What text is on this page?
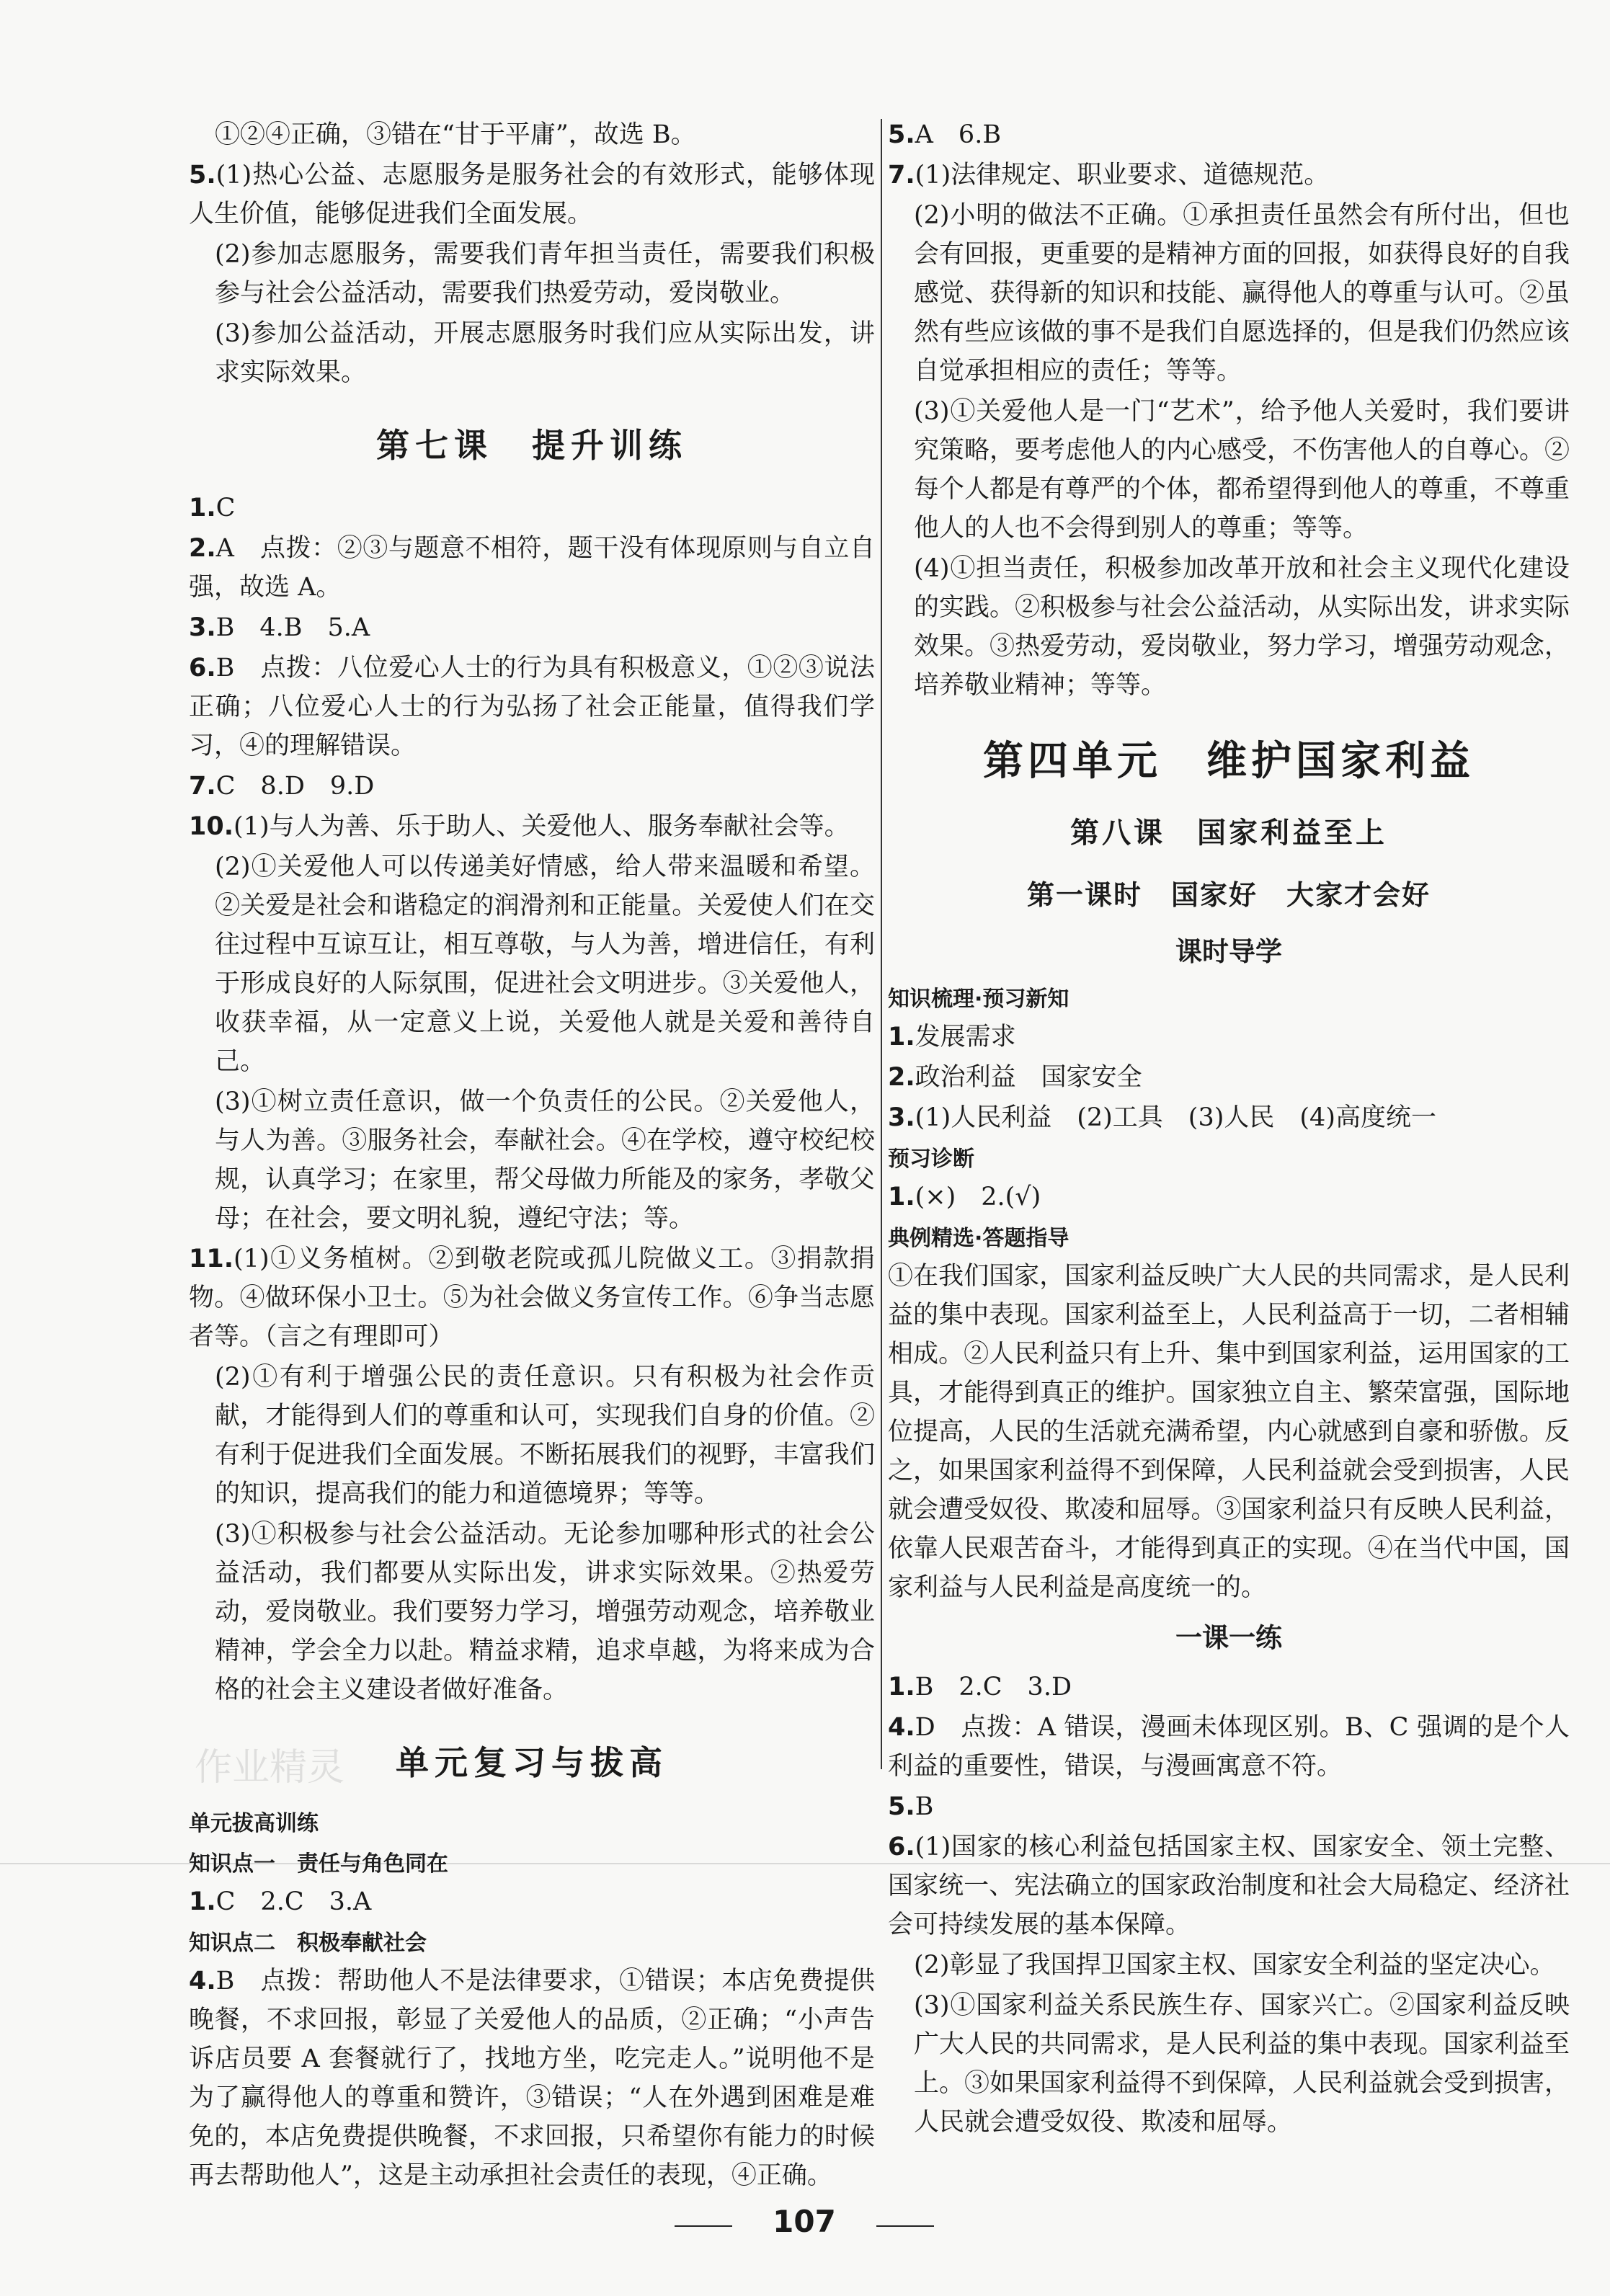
①②④正确，③错在“甘于平庸”，故选 B。
5.(1)热心公益、志愿服务是服务社会的有效形式，能够体现人生价值，能够促进我们全面发展。
(2)参加志愿服务，需要我们青年担当责任，需要我们积极参与社会公益活动，需要我们热爱劳动，爱岗敬业。
(3)参加公益活动，开展志愿服务时我们应从实际出发，讲求实际效果。
第七课　提升训练
1.C
2.A　点拨：②③与题意不相符，题干没有体现原则与自立自强，故选 A。
3.B　4.B　5.A
6.B　点拨：八位爱心人士的行为具有积极意义，①②③说法正确；八位爱心人士的行为弘扬了社会正能量，值得我们学习，④的理解错误。
7.C　8.D　9.D
10.(1)与人为善、乐于助人、关爱他人、服务奉献社会等。
(2)①关爱他人可以传递美好情感，给人带来温暖和希望。②关爱是社会和谐稳定的润滑剂和正能量。关爱使人们在交往过程中互谅互让，相互尊敬，与人为善，增进信任，有利于形成良好的人际氛围，促进社会文明进步。③关爱他人，收获幸福，从一定意义上说，关爱他人就是关爱和善待自己。
(3)①树立责任意识，做一个负责任的公民。②关爱他人，与人为善。③服务社会，奉献社会。④在学校，遵守校纪校规，认真学习；在家里，帮父母做力所能及的家务，孝敬父母；在社会，要文明礼貌，遵纪守法；等。
11.(1)①义务植树。②到敬老院或孤儿院做义工。③捐款捐物。④做环保小卫士。⑤为社会做义务宣传工作。⑥争当志愿者等。（言之有理即可）
(2)①有利于增强公民的责任意识。只有积极为社会作贡献，才能得到人们的尊重和认可，实现我们自身的价值。②有利于促进我们全面发展。不断拓展我们的视野，丰富我们的知识，提高我们的能力和道德境界；等等。
(3)①积极参与社会公益活动。无论参加哪种形式的社会公益活动，我们都要从实际出发，讲求实际效果。②热爱劳动，爱岗敬业。我们要努力学习，增强劳动观念，培养敬业精神，学会全力以赴。精益求精，追求卓越，为将来成为合格的社会主义建设者做好准备。
单元复习与拔高
单元拔高训练
知识点一　责任与角色同在
1.C　2.C　3.A
知识点二　积极奉献社会
4.B　点拨：帮助他人不是法律要求，①错误；本店免费提供晚餐，不求回报，彰显了关爱他人的品质，②正确；“小声告诉店员要 A 套餐就行了，找地方坐，吃完走人。”说明他不是为了赢得他人的尊重和赞许，③错误；“人在外遇到困难是难免的，本店免费提供晚餐，不求回报，只希望你有能力的时候再去帮助他人”，这是主动承担社会责任的表现，④正确。
5.A　6.B
7.(1)法律规定、职业要求、道德规范。
(2)小明的做法不正确。①承担责任虽然会有所付出，但也会有回报，更重要的是精神方面的回报，如获得良好的自我感觉、获得新的知识和技能、赢得他人的尊重与认可。②虽然有些应该做的事不是我们自愿选择的，但是我们仍然应该自觉承担相应的责任；等等。
(3)①关爱他人是一门“艺术”，给予他人关爱时，我们要讲究策略，要考虑他人的内心感受，不伤害他人的自尊心。②每个人都是有尊严的个体，都希望得到他人的尊重，不尊重他人的人也不会得到别人的尊重；等等。
(4)①担当责任，积极参加改革开放和社会主义现代化建设的实践。②积极参与社会公益活动，从实际出发，讲求实际效果。③热爱劳动，爱岗敬业，努力学习，增强劳动观念，培养敬业精神；等等。
第四单元　维护国家利益
第八课　国家利益至上
第一课时　国家好　大家才会好
课时导学
知识梳理·预习新知
1.发展需求
2.政治利益　国家安全
3.(1)人民利益　(2)工具　(3)人民　(4)高度统一
预习诊断
1.(×)　2.(√)
典例精选·答题指导
①在我们国家，国家利益反映广大人民的共同需求，是人民利益的集中表现。国家利益至上，人民利益高于一切，二者相辅相成。②人民利益只有上升、集中到国家利益，运用国家的工具，才能得到真正的维护。国家独立自主、繁荣富强，国际地位提高，人民的生活就充满希望，内心就感到自豪和骄傲。反之，如果国家利益得不到保障，人民利益就会受到损害，人民就会遭受奴役、欺凌和屈辱。③国家利益只有反映人民利益，依靠人民艰苦奋斗，才能得到真正的实现。④在当代中国，国家利益与人民利益是高度统一的。
一课一练
1.B　2.C　3.D
4.D　点拨：A 错误，漫画未体现区别。B、C 强调的是个人利益的重要性，错误，与漫画寓意不符。
5.B
6.(1)国家的核心利益包括国家主权、国家安全、领土完整、国家统一、宪法确立的国家政治制度和社会大局稳定、经济社会可持续发展的基本保障。
(2)彰显了我国捍卫国家主权、国家安全利益的坚定决心。
(3)①国家利益关系民族生存、国家兴亡。②国家利益反映广大人民的共同需求，是人民利益的集中表现。国家利益至上。③如果国家利益得不到保障，人民利益就会受到损害，人民就会遭受奴役、欺凌和屈辱。
作业精灵
107
